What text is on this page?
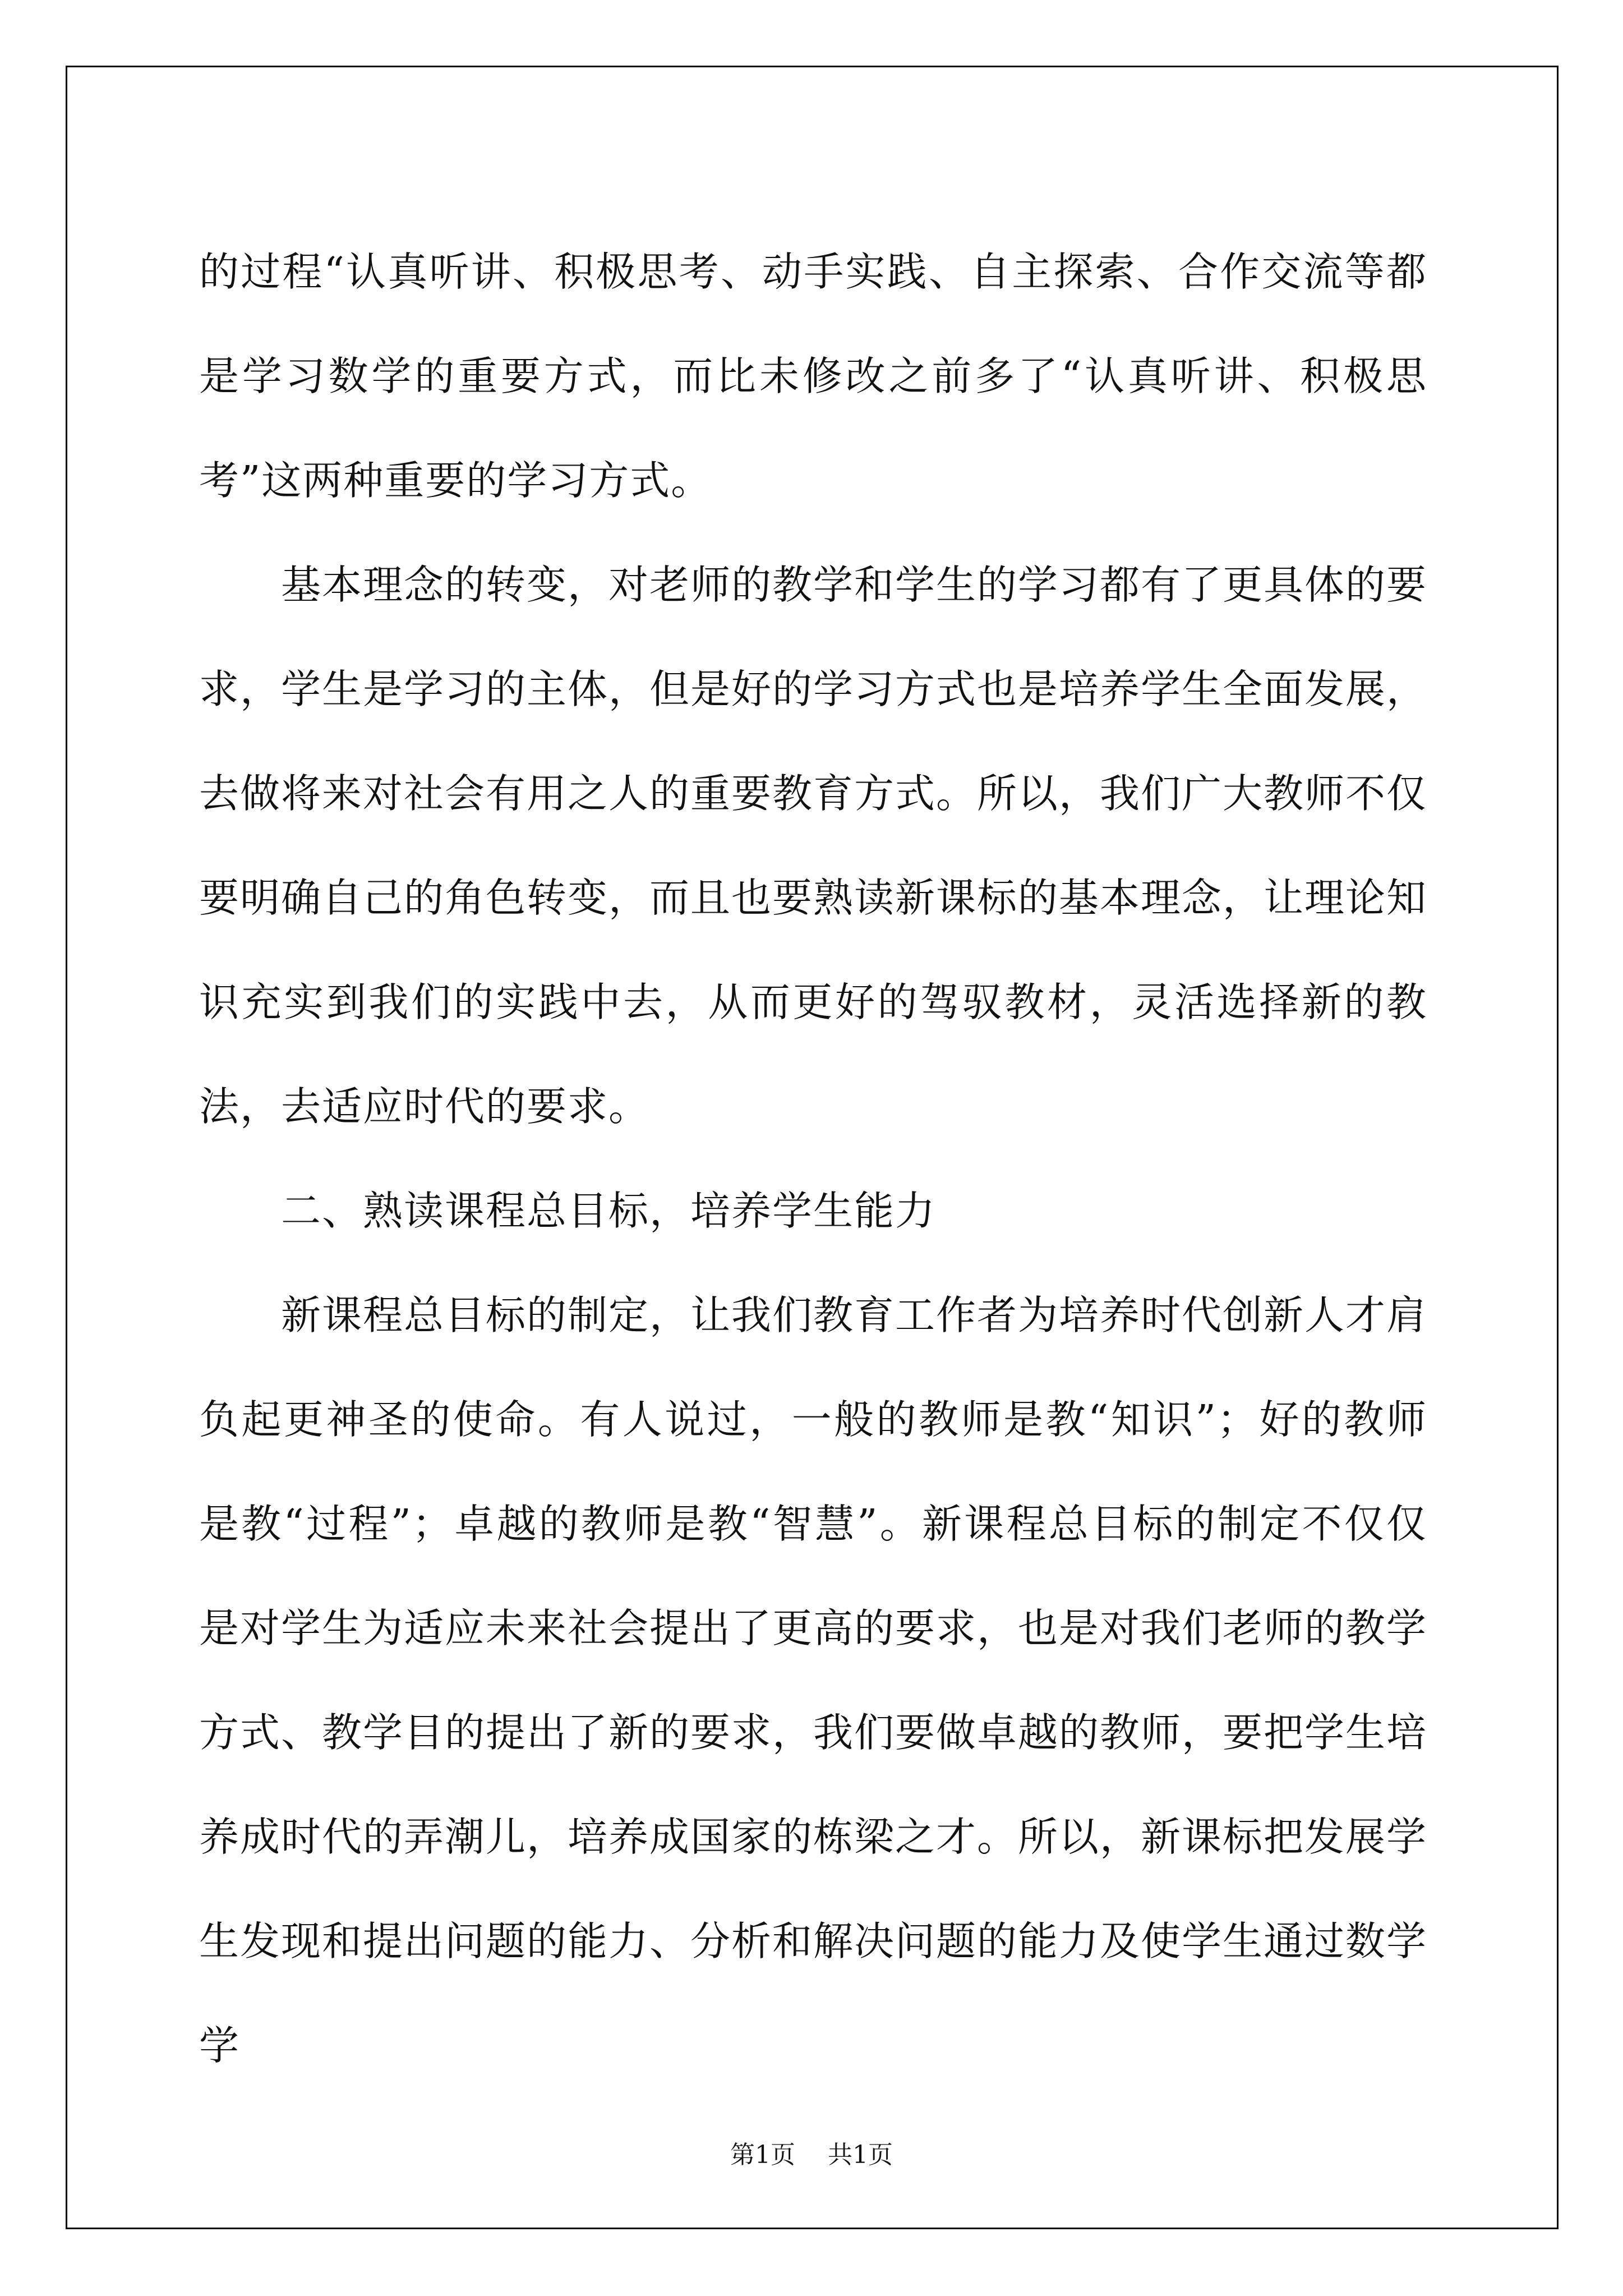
的过程“认真听讲、积极思考、动手实践、自主探索、合作交流等都是学习数学的重要方式，而比未修改之前多了“认真听讲、积极思考”这两种重要的学习方式。

基本理念的转变，对老师的教学和学生的学习都有了更具体的要求，学生是学习的主体，但是好的学习方式也是培养学生全面发展，去做将来对社会有用之人的重要教育方式。所以，我们广大教师不仅要明确自己的角色转变，而且也要熟读新课标的基本理念，让理论知识充实到我们的实践中去，从而更好的驾驭教材，灵活选择新的教法，去适应时代的要求。

二、熟读课程总目标，培养学生能力

新课程总目标的制定，让我们教育工作者为培养时代创新人才肩负起更神圣的使命。有人说过，一般的教师是教“知识”；好的教师是教“过程”；卓越的教师是教“智慧”。新课程总目标的制定不仅仅是对学生为适应未来社会提出了更高的要求，也是对我们老师的教学方式、教学目的提出了新的要求，我们要做卓越的教师，要把学生培养成时代的弄潮儿，培养成国家的栋梁之才。所以，新课标把发展学生发现和提出问题的能力、分析和解决问题的能力及使学生通过数学学

第1页 共1页
